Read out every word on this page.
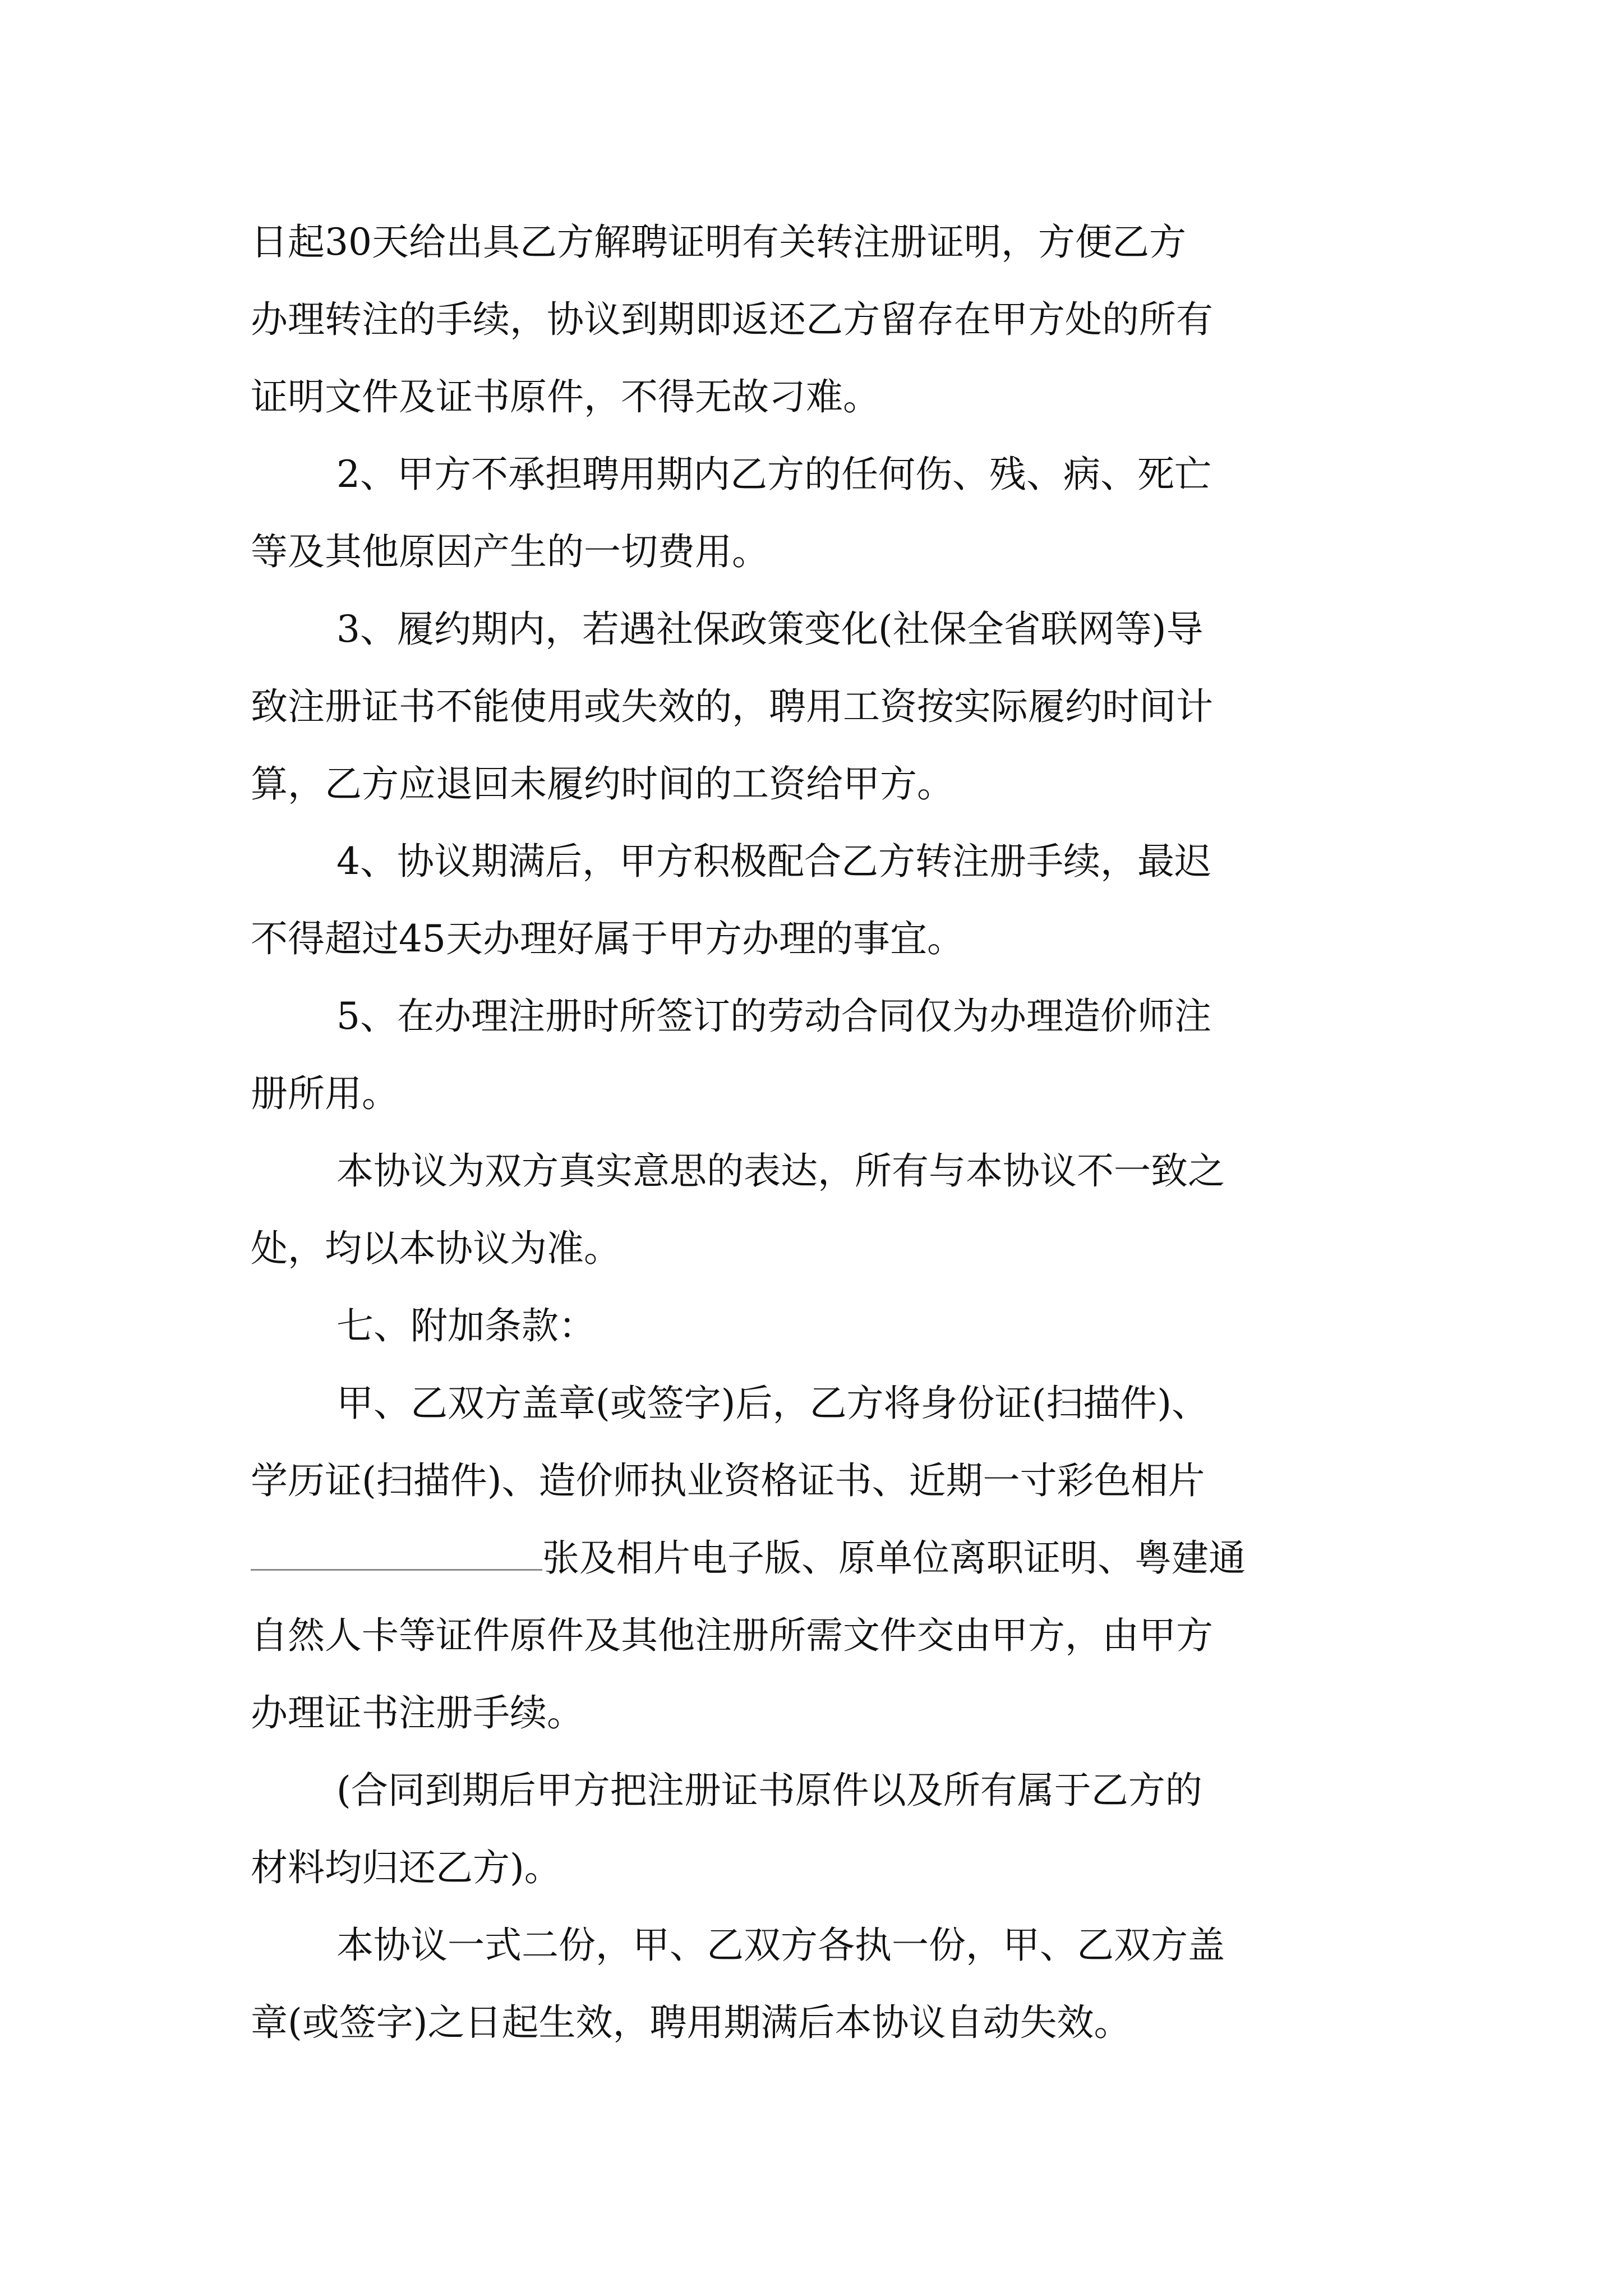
日起30天给出具乙方解聘证明有关转注册证明，方便乙方
办理转注的手续，协议到期即返还乙方留存在甲方处的所有
证明文件及证书原件，不得无故刁难。
2、甲方不承担聘用期内乙方的任何伤、残、病、死亡
等及其他原因产生的一切费用。
3、履约期内，若遇社保政策变化(社保全省联网等)导
致注册证书不能使用或失效的，聘用工资按实际履约时间计
算，乙方应退回未履约时间的工资给甲方。
4、协议期满后，甲方积极配合乙方转注册手续，最迟
不得超过45天办理好属于甲方办理的事宜。
5、在办理注册时所签订的劳动合同仅为办理造价师注
册所用。
本协议为双方真实意思的表达，所有与本协议不一致之
处，均以本协议为准。
七、附加条款：
甲、乙双方盖章(或签字)后，乙方将身份证(扫描件)、
学历证(扫描件)、造价师执业资格证书、近期一寸彩色相片
张及相片电子版、原单位离职证明、粤建通
自然人卡等证件原件及其他注册所需文件交由甲方，由甲方
办理证书注册手续。
(合同到期后甲方把注册证书原件以及所有属于乙方的
材料均归还乙方)。
本协议一式二份，甲、乙双方各执一份，甲、乙双方盖
章(或签字)之日起生效，聘用期满后本协议自动失效。
